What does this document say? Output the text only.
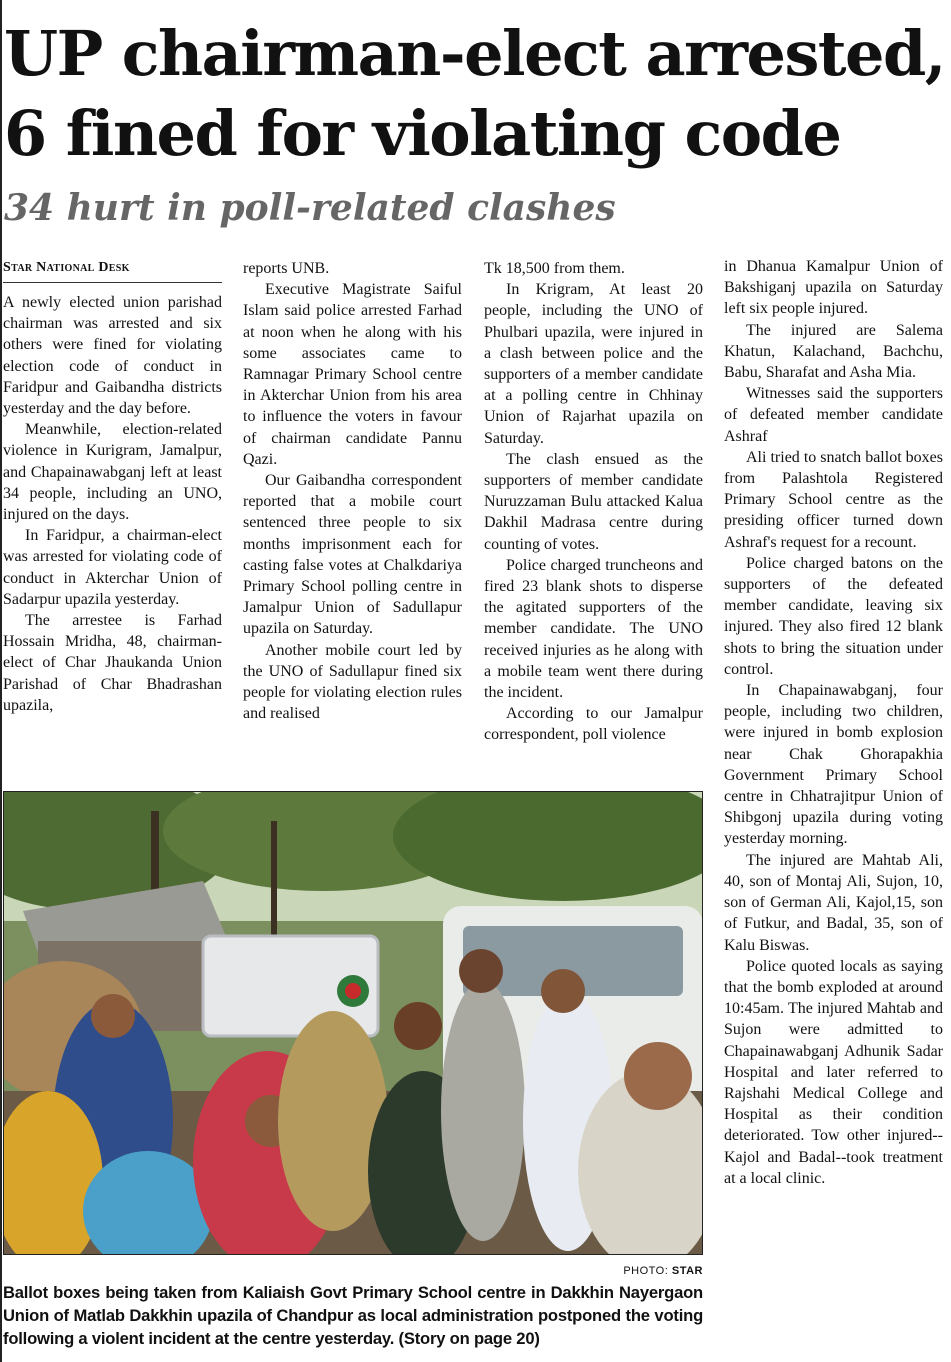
UP chairman-elect arrested, 6 fined for violating code
34 hurt in poll-related clashes
Star National Desk

A newly elected union parishad chairman was arrested and six others were fined for violating election code of conduct in Faridpur and Gaibandha districts yesterday and the day before.

Meanwhile, election-related violence in Kurigram, Jamalpur, and Chapainawabganj left at least 34 people, including an UNO, injured on the days.

In Faridpur, a chairman-elect was arrested for violating code of conduct in Akterchar Union of Sadarpur upazila yesterday.

The arrestee is Farhad Hossain Mridha, 48, chairman-elect of Char Jhaukanda Union Parishad of Char Bhadrashan upazila,

reports UNB.

Executive Magistrate Saiful Islam said police arrested Farhad at noon when he along with his some associates came to Ramnagar Primary School centre in Akterchar Union from his area to influence the voters in favour of chairman candidate Pannu Qazi.

Our Gaibandha correspondent reported that a mobile court sentenced three people to six months imprisonment each for casting false votes at Chalkdariya Primary School polling centre in Jamalpur Union of Sadullapur upazila on Saturday.

Another mobile court led by the UNO of Sadullapur fined six people for violating election rules and realised

Tk 18,500 from them.

In Krigram, At least 20 people, including the UNO of Phulbari upazila, were injured in a clash between police and the supporters of a member candidate at a polling centre in Chhinay Union of Rajarhat upazila on Saturday.

The clash ensued as the supporters of member candidate Nuruzzaman Bulu attacked Kalua Dakhil Madrasa centre during counting of votes.

Police charged truncheons and fired 23 blank shots to disperse the agitated supporters of the member candidate. The UNO received injuries as he along with a mobile team went there during the incident.

According to our Jamalpur correspondent, poll violence

in Dhanua Kamalpur Union of Bakshiganj upazila on Saturday left six people injured.

The injured are Salema Khatun, Kalachand, Bachchu, Babu, Sharafat and Asha Mia.

Witnesses said the supporters of defeated member candidate Ashraf

Ali tried to snatch ballot boxes from Palashtola Registered Primary School centre as the presiding officer turned down Ashraf's request for a recount.

Police charged batons on the supporters of the defeated member candidate, leaving six injured. They also fired 12 blank shots to bring the situation under control.

In Chapainawabganj, four people, including two children, were injured in bomb explosion near Chak Ghorapakhia Government Primary School centre in Chhatrajitpur Union of Shibgonj upazila during voting yesterday morning.

The injured are Mahtab Ali, 40, son of Montaj Ali, Sujon, 10, son of German Ali, Kajol,15, son of Futkur, and Badal, 35, son of Kalu Biswas.

Police quoted locals as saying that the bomb exploded at around 10:45am. The injured Mahtab and Sujon were admitted to Chapainawabganj Adhunik Sadar Hospital and later referred to Rajshahi Medical College and Hospital as their condition deteriorated. Tow other injured--Kajol and Badal--took treatment at a local clinic.

PHOTO: STAR
Ballot boxes being taken from Kaliaish Govt Primary School centre in Dakkhin Nayergaon Union of Matlab Dakkhin upazila of Chandpur as local administration postponed the voting following a violent incident at the centre yesterday. (Story on page 20)
